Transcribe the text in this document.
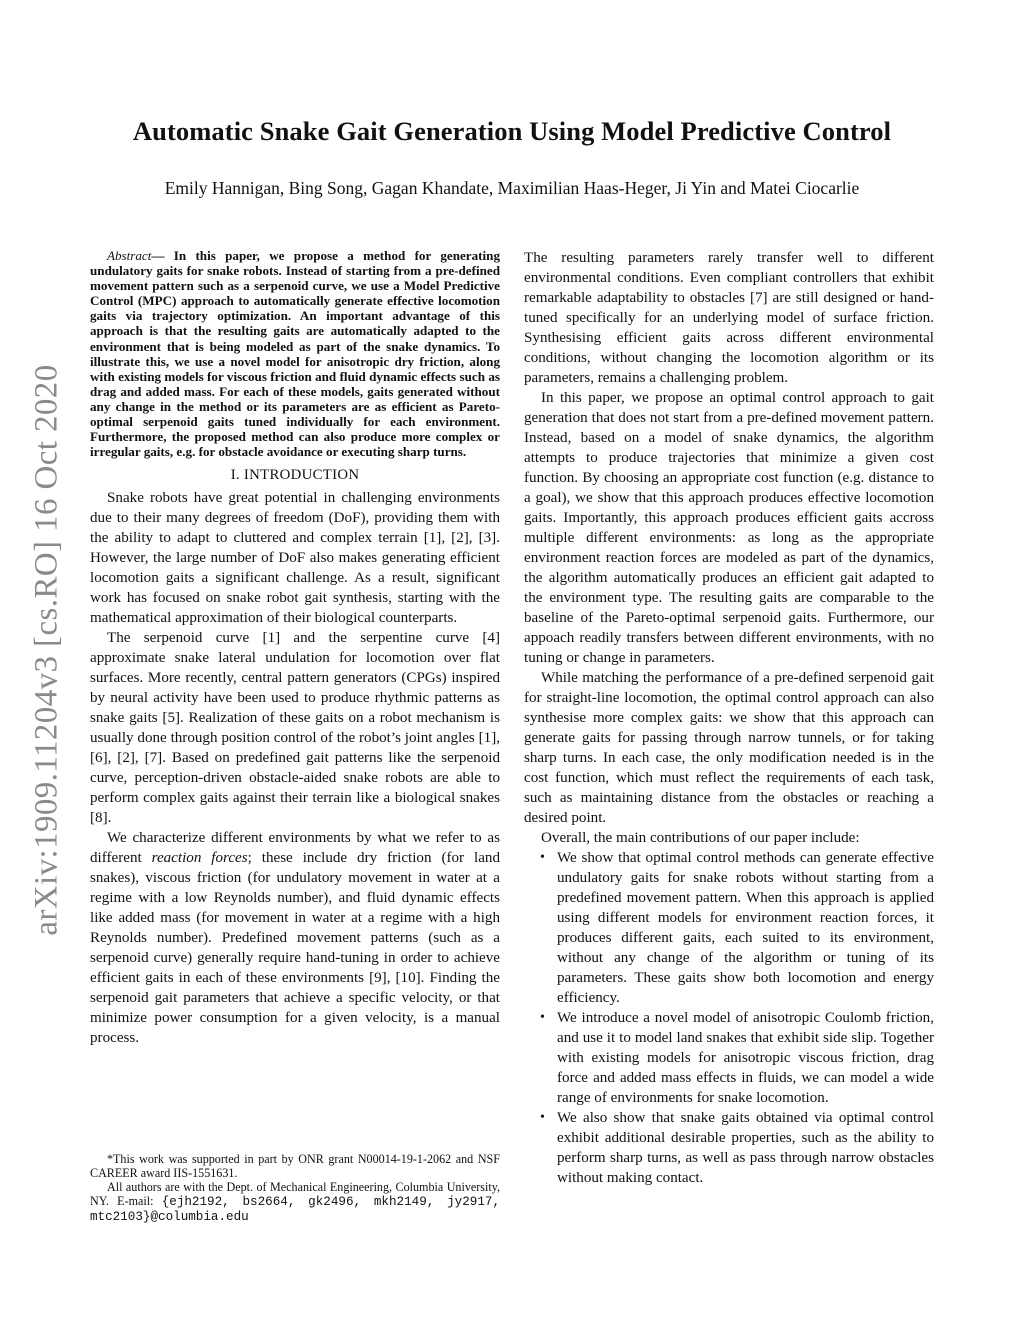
Automatic Snake Gait Generation Using Model Predictive Control
Emily Hannigan, Bing Song, Gagan Khandate, Maximilian Haas-Heger, Ji Yin and Matei Ciocarlie
arXiv:1909.11204v3 [cs.RO] 16 Oct 2020

Abstract— In this paper, we propose a method for generating undulatory gaits for snake robots. Instead of starting from a pre-defined movement pattern such as a serpenoid curve, we use a Model Predictive Control (MPC) approach to automatically generate effective locomotion gaits via trajectory optimization. An important advantage of this approach is that the resulting gaits are automatically adapted to the environment that is being modeled as part of the snake dynamics. To illustrate this, we use a novel model for anisotropic dry friction, along with existing models for viscous friction and fluid dynamic effects such as drag and added mass. For each of these models, gaits generated without any change in the method or its parameters are as efficient as Pareto-optimal serpenoid gaits tuned individually for each environment. Furthermore, the proposed method can also produce more complex or irregular gaits, e.g. for obstacle avoidance or executing sharp turns.

I. INTRODUCTION

Snake robots have great potential in challenging environments due to their many degrees of freedom (DoF), providing them with the ability to adapt to cluttered and complex terrain [1], [2], [3]. However, the large number of DoF also makes generating efficient locomotion gaits a significant challenge. As a result, significant work has focused on snake robot gait synthesis, starting with the mathematical approximation of their biological counterparts.

The serpenoid curve [1] and the serpentine curve [4] approximate snake lateral undulation for locomotion over flat surfaces. More recently, central pattern generators (CPGs) inspired by neural activity have been used to produce rhythmic patterns as snake gaits [5]. Realization of these gaits on a robot mechanism is usually done through position control of the robot’s joint angles [1], [6], [2], [7]. Based on predefined gait patterns like the serpenoid curve, perception-driven obstacle-aided snake robots are able to perform complex gaits against their terrain like a biological snakes [8].

We characterize different environments by what we refer to as different reaction forces; these include dry friction (for land snakes), viscous friction (for undulatory movement in water at a regime with a low Reynolds number), and fluid dynamic effects like added mass (for movement in water at a regime with a high Reynolds number). Predefined movement patterns (such as a serpenoid curve) generally require hand-tuning in order to achieve efficient gaits in each of these environments [9], [10]. Finding the serpenoid gait parameters that achieve a specific velocity, or that minimize power consumption for a given velocity, is a manual process.

*This work was supported in part by ONR grant N00014-19-1-2062 and NSF CAREER award IIS-1551631.

All authors are with the Dept. of Mechanical Engineering, Columbia University, NY. E-mail: {ejh2192, bs2664, gk2496, mkh2149, jy2917, mtc2103}@columbia.edu

The resulting parameters rarely transfer well to different environmental conditions. Even compliant controllers that exhibit remarkable adaptability to obstacles [7] are still designed or hand-tuned specifically for an underlying model of surface friction. Synthesising efficient gaits across different environmental conditions, without changing the locomotion algorithm or its parameters, remains a challenging problem.

In this paper, we propose an optimal control approach to gait generation that does not start from a pre-defined movement pattern. Instead, based on a model of snake dynamics, the algorithm attempts to produce trajectories that minimize a given cost function. By choosing an appropriate cost function (e.g. distance to a goal), we show that this approach produces effective locomotion gaits. Importantly, this approach produces efficient gaits accross multiple different environments: as long as the appropriate environment reaction forces are modeled as part of the dynamics, the algorithm automatically produces an efficient gait adapted to the environment type. The resulting gaits are comparable to the baseline of the Pareto-optimal serpenoid gaits. Furthermore, our appoach readily transfers between different environments, with no tuning or change in parameters.

While matching the performance of a pre-defined serpenoid gait for straight-line locomotion, the optimal control approach can also synthesise more complex gaits: we show that this approach can generate gaits for passing through narrow tunnels, or for taking sharp turns. In each case, the only modification needed is in the cost function, which must reflect the requirements of each task, such as maintaining distance from the obstacles or reaching a desired point.

Overall, the main contributions of our paper include:

• We show that optimal control methods can generate effective undulatory gaits for snake robots without starting from a predefined movement pattern. When this approach is applied using different models for environment reaction forces, it produces different gaits, each suited to its environment, without any change of the algorithm or tuning of its parameters. These gaits show both locomotion and energy efficiency.
• We introduce a novel model of anisotropic Coulomb friction, and use it to model land snakes that exhibit side slip. Together with existing models for anisotropic viscous friction, drag force and added mass effects in fluids, we can model a wide range of environments for snake locomotion.
• We also show that snake gaits obtained via optimal control exhibit additional desirable properties, such as the ability to perform sharp turns, as well as pass through narrow obstacles without making contact.
